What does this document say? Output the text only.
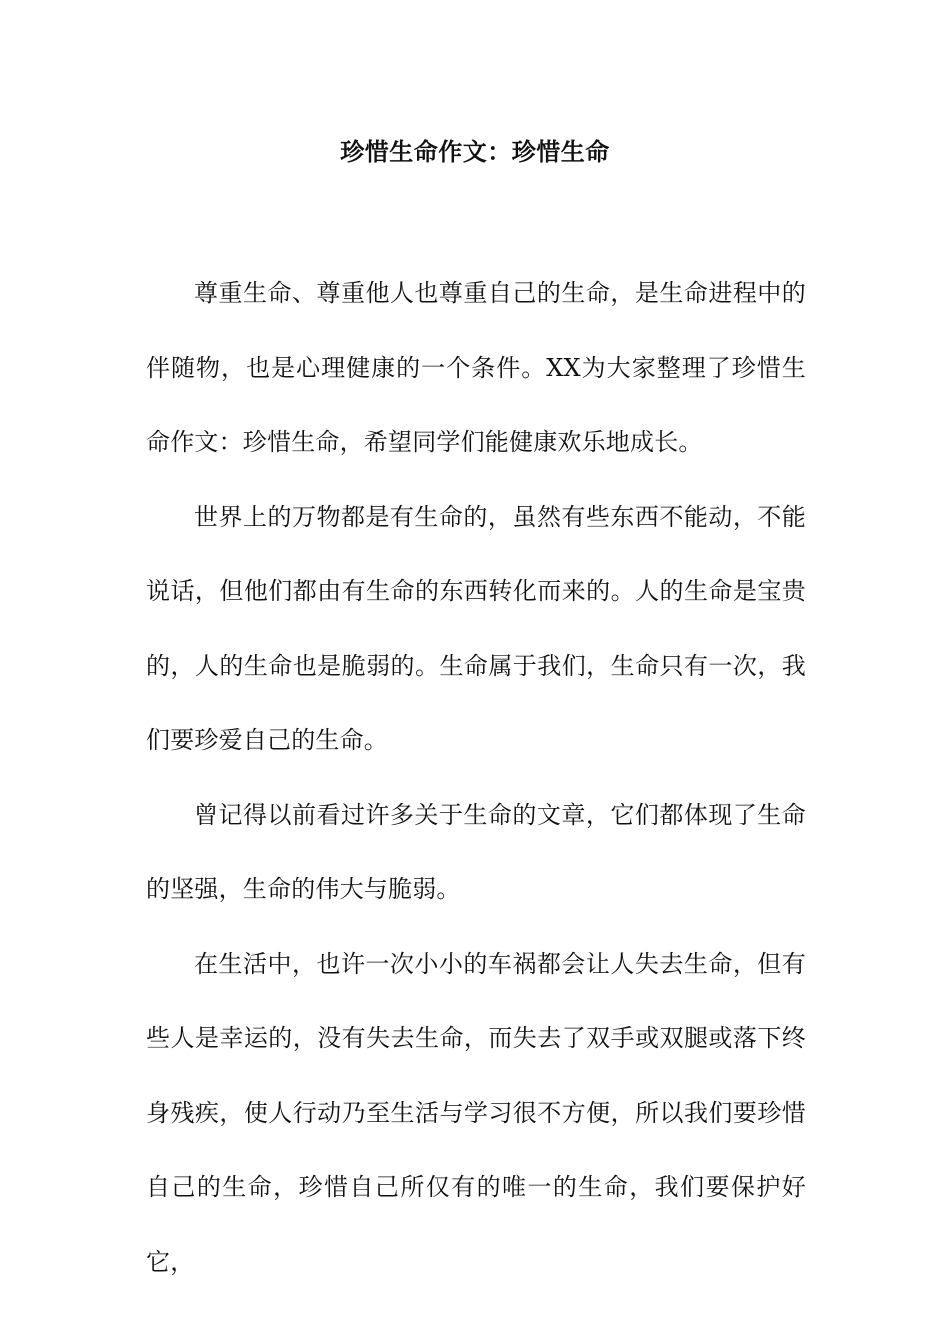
珍惜生命作文：珍惜生命

尊重生命、尊重他人也尊重自己的生命，是生命进程中的伴随物，也是心理健康的一个条件。XX为大家整理了珍惜生命作文：珍惜生命，希望同学们能健康欢乐地成长。

世界上的万物都是有生命的，虽然有些东西不能动，不能说话，但他们都由有生命的东西转化而来的。人的生命是宝贵的，人的生命也是脆弱的。生命属于我们，生命只有一次，我们要珍爱自己的生命。

曾记得以前看过许多关于生命的文章，它们都体现了生命的坚强，生命的伟大与脆弱。

在生活中，也许一次小小的车祸都会让人失去生命，但有些人是幸运的，没有失去生命，而失去了双手或双腿或落下终身残疾，使人行动乃至生活与学习很不方便，所以我们要珍惜自己的生命，珍惜自己所仅有的唯一的生命，我们要保护好它，
